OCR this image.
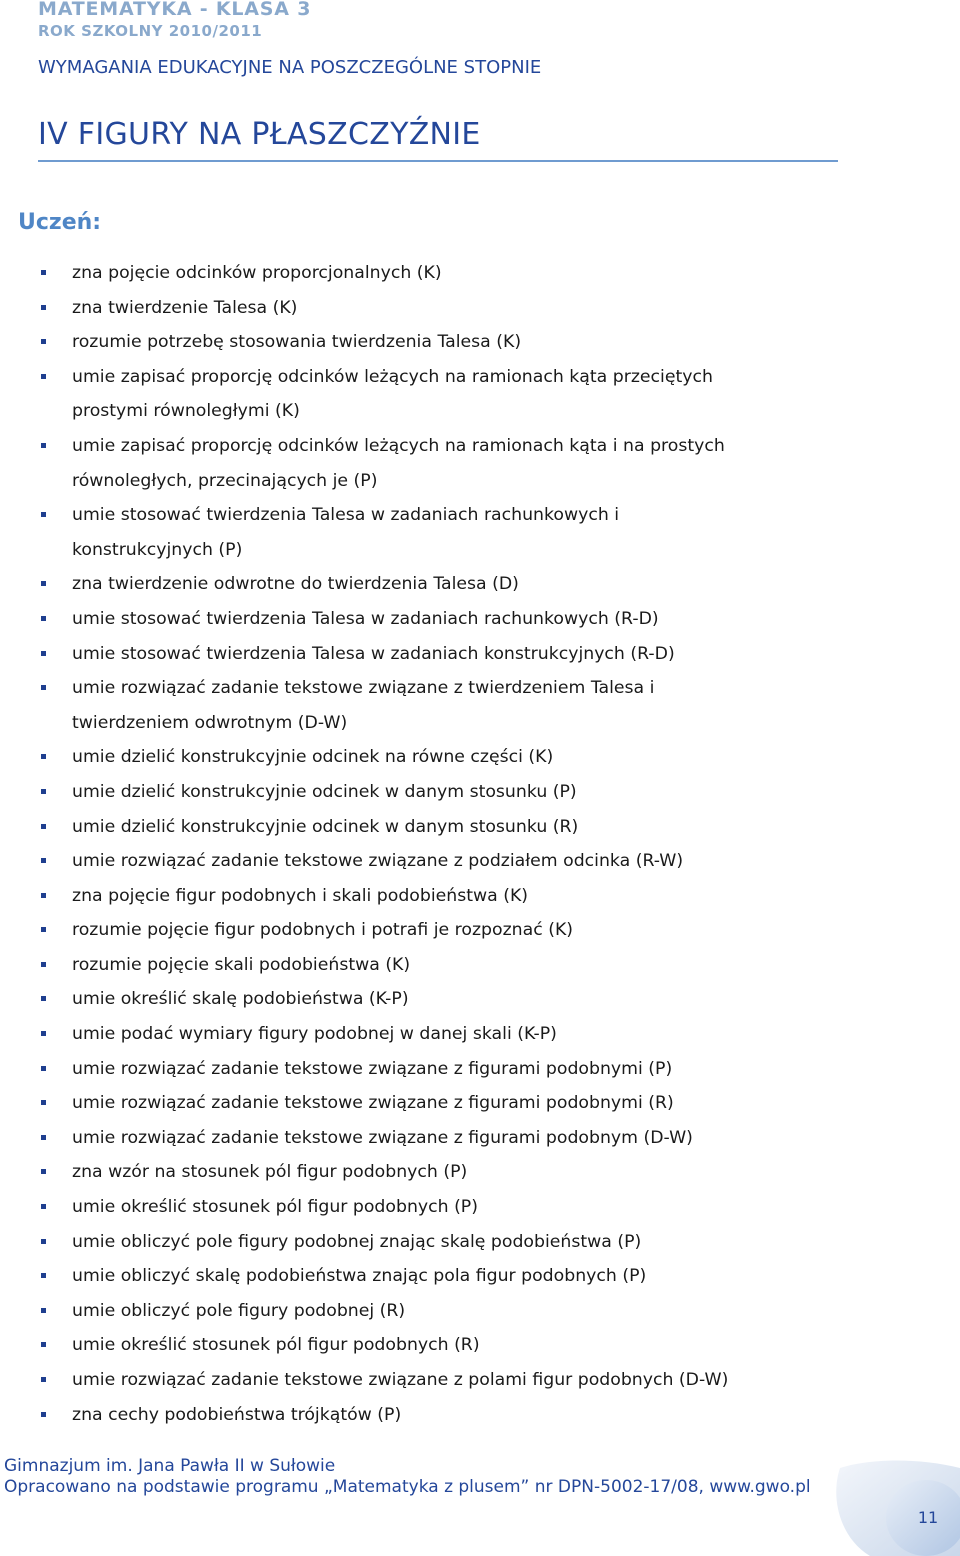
MATEMATYKA - KLASA 3
ROK SZKOLNY 2010/2011
WYMAGANIA EDUKACYJNE NA POSZCZEGÓLNE STOPNIE
IV FIGURY NA PŁASZCZYŹNIE
Uczeń:
zna pojęcie odcinków proporcjonalnych (K)
zna twierdzenie Talesa (K)
rozumie potrzebę stosowania twierdzenia Talesa (K)
umie zapisać proporcję odcinków leżących na ramionach kąta przeciętych
prostymi równoległymi (K)
umie zapisać proporcję odcinków leżących na ramionach kąta i na prostych
równoległych, przecinających je (P)
umie stosować twierdzenia Talesa w zadaniach rachunkowych i
konstrukcyjnych (P)
zna twierdzenie odwrotne do twierdzenia Talesa (D)
umie stosować twierdzenia Talesa w zadaniach rachunkowych (R-D)
umie stosować twierdzenia Talesa w zadaniach konstrukcyjnych (R-D)
umie rozwiązać zadanie tekstowe związane z twierdzeniem Talesa i
twierdzeniem odwrotnym (D-W)
umie dzielić konstrukcyjnie odcinek na równe części (K)
umie dzielić konstrukcyjnie odcinek w danym stosunku (P)
umie dzielić konstrukcyjnie odcinek w danym stosunku (R)
umie rozwiązać zadanie tekstowe związane z podziałem odcinka (R-W)
zna pojęcie figur podobnych i skali podobieństwa (K)
rozumie pojęcie figur podobnych i potrafi je rozpoznać (K)
rozumie pojęcie skali podobieństwa (K)
umie określić skalę podobieństwa (K-P)
umie podać wymiary figury podobnej w danej skali (K-P)
umie rozwiązać zadanie tekstowe związane z figurami podobnymi (P)
umie rozwiązać zadanie tekstowe związane z figurami podobnymi (R)
umie rozwiązać zadanie tekstowe związane z figurami podobnym (D-W)
zna wzór na stosunek pól figur podobnych (P)
umie określić stosunek pól figur podobnych (P)
umie obliczyć pole figury podobnej znając skalę podobieństwa (P)
umie obliczyć skalę podobieństwa znając pola figur podobnych (P)
umie obliczyć pole figury podobnej (R)
umie określić stosunek pól figur podobnych (R)
umie rozwiązać zadanie tekstowe związane z polami figur podobnych (D-W)
zna cechy podobieństwa trójkątów (P)
Gimnazjum im. Jana Pawła II w Sułowie
Opracowano na podstawie programu „Matematyka z plusem” nr DPN-5002-17/08, www.gwo.pl
11
